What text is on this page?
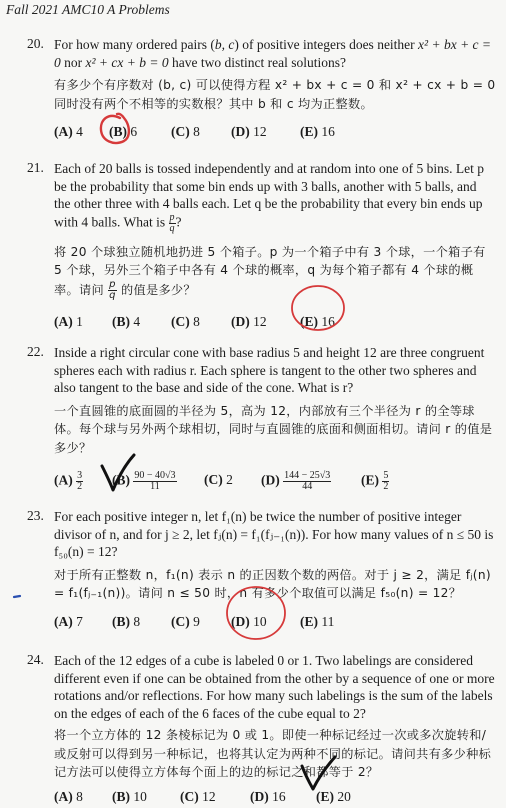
Fall 2021 AMC10 A Problems
20. For how many ordered pairs (b, c) of positive integers does neither x² + bx + c = 0 nor x² + cx + b = 0 have two distinct real solutions?

有多少个有序数对 (b, c) 可以使得方程 x² + bx + c = 0 和 x² + cx + b = 0 同时没有两个不相等的实数根？其中 b 和 c 均为正整数。

(A) 4 (B) 6	(C) 8 (D) 12 (E) 16
21. Each of 20 balls is tossed independently and at random into one of 5 bins. Let p be the probability that some bin ends up with 3 balls, another with 5 balls, and the other three with 4 balls each. Let q be the probability that every bin ends up with 4 balls. What is $\frac{p}{q}$ ?

将 20 个球独立随机地扔进 5 个箱子。p 为一个箱子中有 3 个球，一个箱子有 5 个球，另外三个箱子中各有 4 个球的概率，q 为每个箱子都有 4 个球的概率。请问 $\frac{p}{q}$ 的值是多少？

(A) 1 (B) 4 (C) 8 (D) 12 (E) 16
22. Inside a right circular cone with base radius 5 and height 12 are three congruent spheres each with radius r. Each sphere is tangent to the other two spheres and also tangent to the base and side of the cone. What is r?

一个直圆锥的底面圆的半径为 5，高为 12，内部放有三个半径为 r 的全等球体。每个球与另外两个球相切，同时与直圆锥的底面和侧面相切。请问 r 的值是多少？

$(A) \frac{3}{2} (B) \frac{90 - 40√3}{11} (C)$ 2 $(D) \frac{144 - 25√3}{44} (E) \frac{5}{2}$
23. For each positive integer n, let f₁(n) be twice the number of positive integer divisor of n, and for j ≥ 2, let fⱼ(n) = f₁(fⱼ₋₁(n)). For how many values of n ≤ 50 is f₅₀(n) = 12?

对于所有正整数 n，f₁(n) 表示 n 的正因数个数的两倍。对于 j ≥ 2，满足 fⱼ(n) = f₁(fⱼ₋₁(n))。请问 n ≤ 50 时，n 有多少个取值可以满足 f₅₀(n) = 12？

(A) 7 (B) 8 (C) 9 (D) 10 (E) 11
24. Each of the 12 edges of a cube is labeled 0 or 1. Two labelings are considered different even if one can be obtained from the other by a sequence of one or more rotations and/or reflections. For how many such labelings is the sum of the labels on the edges of each of the 6 faces of the cube equal to 2?

将一个立方体的 12 条棱标记为 0 或 1。即使一种标记经过一次或多次旋转和/或反射可以得到另一种标记，也将其认定为两种不同的标记。请问共有多少种标记方法可以使得立方体每个面上的边的标记之和都等于 2？

(A) 8 (B) 10 (C) 12	(D) 16 (E) 20
